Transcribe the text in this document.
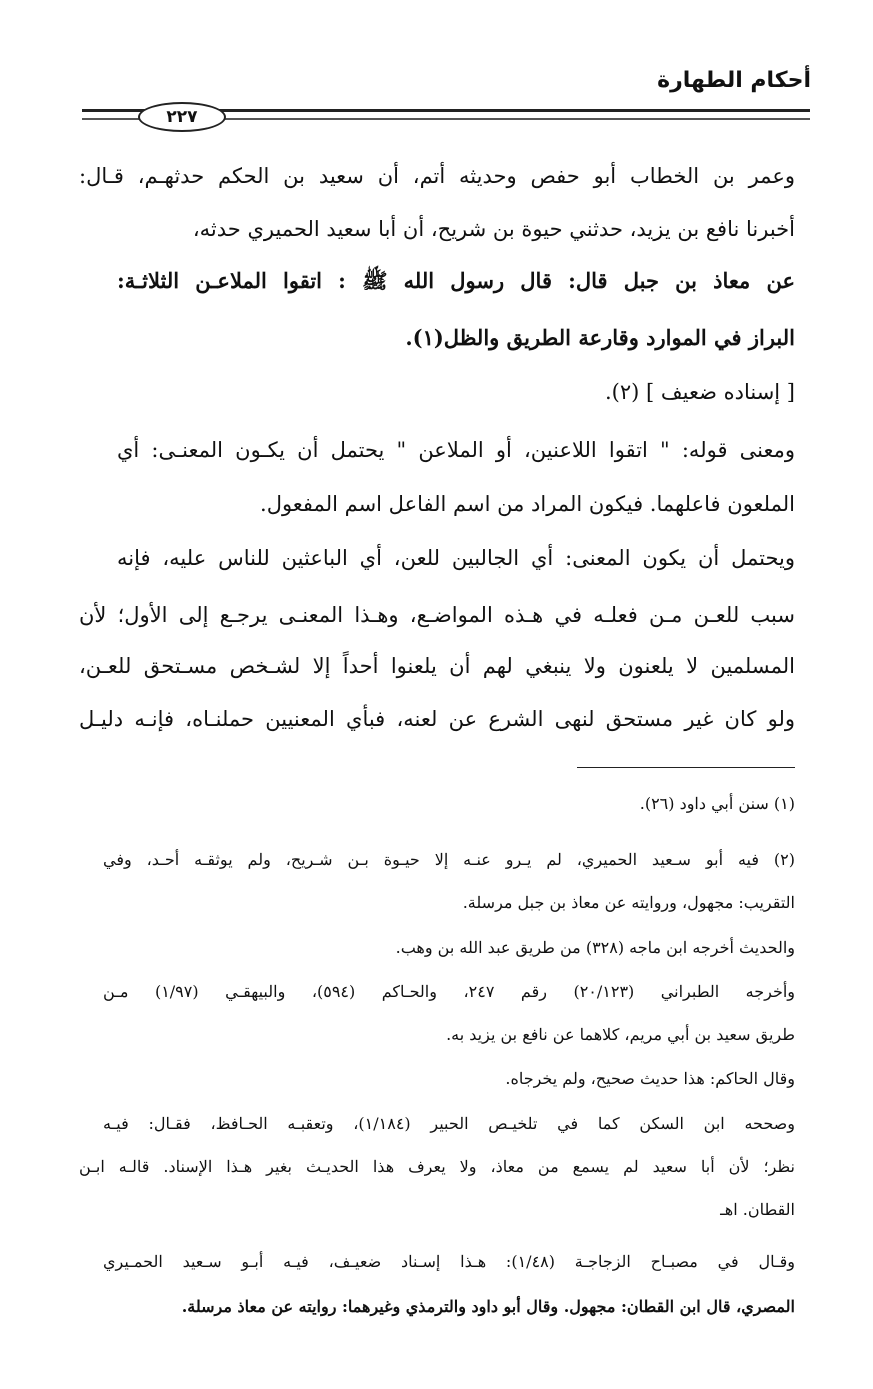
أحكام الطهارة
٢٢٧
وعمر بن الخطاب أبو حفص وحديثه أتم، أن سعيد بن الحكم حدثهـم، قـال:
أخبرنا نافع بن يزيد، حدثني حيوة بن شريح، أن أبا سعيد الحميري حدثه،
عن معاذ بن جبل قال: قال رسول الله ﷺ : اتقوا الملاعـن الثلاثـة:
البراز في الموارد وقارعة الطريق والظل(١).
[ إسناده ضعيف ] (٢).
ومعنى قوله: " اتقوا اللاعنين، أو الملاعن " يحتمل أن يكـون المعنـى: أي
الملعون فاعلهما. فيكون المراد من اسم الفاعل اسم المفعول.
ويحتمل أن يكون المعنى: أي الجالبين للعن، أي الباعثين للناس عليه، فإنه
سبب للعـن مـن فعلـه في هـذه المواضـع، وهـذا المعنـى يرجـع إلى الأول؛ لأن
المسلمين لا يلعنون ولا ينبغي لهم أن يلعنوا أحداً إلا لشـخص مسـتحق للعـن،
ولو كان غير مستحق لنهى الشرع عن لعنه، فبأي المعنيين حملنـاه، فإنـه دليـل
(١) سنن أبي داود (٢٦).
(٢) فيه أبو سـعيد الحميري، لم يـرو عنـه إلا حيـوة بـن شـريح، ولم يوثقـه أحـد، وفي
التقريب: مجهول، وروايته عن معاذ بن جبل مرسلة.
والحديث أخرجه ابن ماجه (٣٢٨) من طريق عبد الله بن وهب.
وأخرجه الطبراني (٢٠/١٢٣) رقم ٢٤٧، والحـاكم (٥٩٤)، والبيهقـي (١/٩٧) مـن
طريق سعيد بن أبي مريم، كلاهما عن نافع بن يزيد به.
وقال الحاكم: هذا حديث صحيح، ولم يخرجاه.
وصححه ابن السكن كما في تلخيـص الحبير (١/١٨٤)، وتعقبـه الحـافظ، فقـال: فيـه
نظر؛ لأن أبا سعيد لم يسمع من معاذ، ولا يعرف هذا الحديـث بغير هـذا الإسناد. قالـه ابـن
القطان. اهـ
وقـال في مصبـاح الزجاجـة (١/٤٨): هـذا إسـناد ضعيـف، فيـه أبـو سـعيد الحمـيري
المصري، قال ابن القطان: مجهول. وقال أبو داود والترمذي وغيرهما: روايته عن معاذ مرسلة.
